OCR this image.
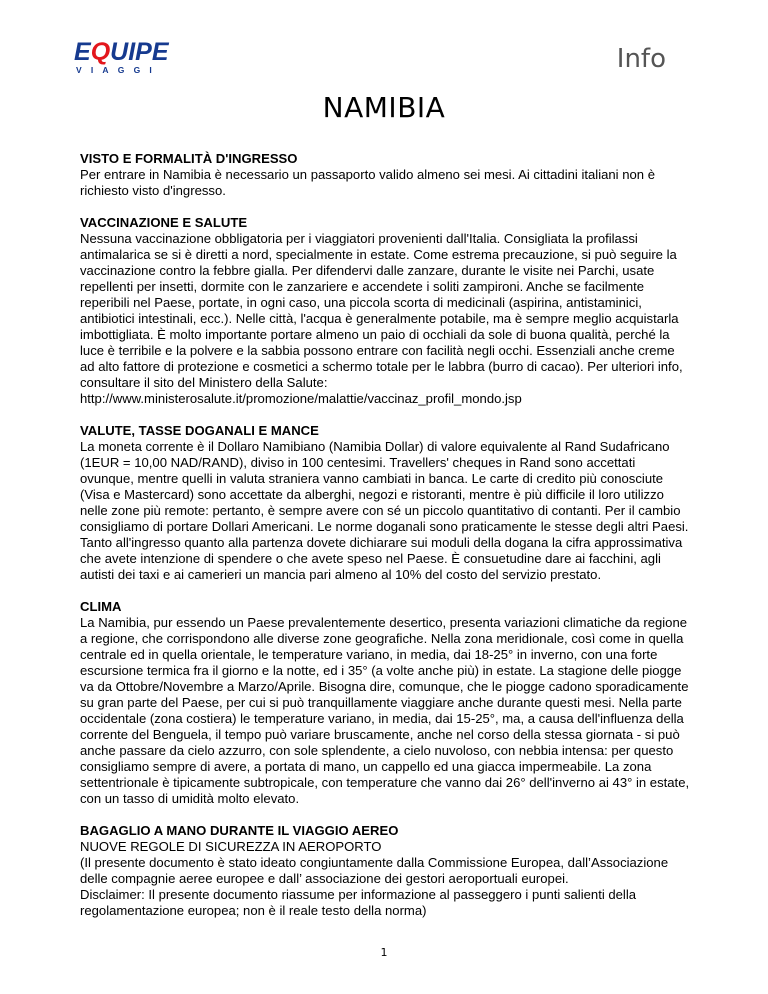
EQUIPE
VIAGGI	Info
NAMIBIA
VISTO E FORMALITÀ D'INGRESSO
Per entrare in Namibia è necessario un passaporto valido almeno sei mesi. Ai cittadini italiani non è richiesto visto d'ingresso.
VACCINAZIONE E SALUTE
Nessuna vaccinazione obbligatoria per i viaggiatori provenienti dall'Italia. Consigliata la profilassi antimalarica se si è diretti a nord, specialmente in estate. Come estrema precauzione, si può seguire la vaccinazione contro la febbre gialla. Per difendervi dalle zanzare, durante le visite nei Parchi, usate repellenti per insetti, dormite con le zanzariere e accendete i soliti zampironi. Anche se facilmente reperibili nel Paese, portate, in ogni caso, una piccola scorta di medicinali (aspirina, antistaminici, antibiotici intestinali, ecc.). Nelle città, l'acqua è generalmente potabile, ma è sempre meglio acquistarla imbottigliata. È molto importante portare almeno un paio di occhiali da sole di buona qualità, perché la luce è terribile e la polvere e la sabbia possono entrare con facilità negli occhi. Essenziali anche creme ad alto fattore di protezione e cosmetici a schermo totale per le labbra (burro di cacao). Per ulteriori info, consultare il sito del Ministero della Salute: http://www.ministerosalute.it/promozione/malattie/vaccinaz_profil_mondo.jsp
VALUTE, TASSE DOGANALI E MANCE
La moneta corrente è il Dollaro Namibiano (Namibia Dollar) di valore equivalente al Rand Sudafricano (1EUR = 10,00 NAD/RAND), diviso in 100 centesimi. Travellers' cheques in Rand sono accettati ovunque, mentre quelli in valuta straniera vanno cambiati in banca. Le carte di credito più conosciute (Visa e Mastercard) sono accettate da alberghi, negozi e ristoranti, mentre è più difficile il loro utilizzo nelle zone più remote: pertanto, è sempre avere con sé un piccolo quantitativo di contanti. Per il cambio consigliamo di portare Dollari Americani. Le norme doganali sono praticamente le stesse degli altri Paesi. Tanto all'ingresso quanto alla partenza dovete dichiarare sui moduli della dogana la cifra approssimativa che avete intenzione di spendere o che avete speso nel Paese. È consuetudine dare ai facchini, agli autisti dei taxi e ai camerieri un mancia pari almeno al 10% del costo del servizio prestato.
CLIMA
La Namibia, pur essendo un Paese prevalentemente desertico, presenta variazioni climatiche da regione a regione, che corrispondono alle diverse zone geografiche. Nella zona meridionale, così come in quella centrale ed in quella orientale, le temperature variano, in media, dai 18-25° in inverno, con una forte escursione termica fra il giorno e la notte, ed i 35° (a volte anche più) in estate. La stagione delle piogge va da Ottobre/Novembre a Marzo/Aprile. Bisogna dire, comunque, che le piogge cadono sporadicamente su gran parte del Paese, per cui si può tranquillamente viaggiare anche durante questi mesi. Nella parte occidentale (zona costiera) le temperature variano, in media, dai 15-25°, ma, a causa dell'influenza della corrente del Benguela, il tempo può variare bruscamente, anche nel corso della stessa giornata - si può anche passare da cielo azzurro, con sole splendente, a cielo nuvoloso, con nebbia intensa: per questo consigliamo sempre di avere, a portata di mano, un cappello ed una giacca impermeabile. La zona settentrionale è tipicamente subtropicale, con temperature che vanno dai 26° dell'inverno ai 43° in estate, con un tasso di umidità molto elevato.
BAGAGLIO A MANO DURANTE IL VIAGGIO AEREO
NUOVE REGOLE DI SICUREZZA IN AEROPORTO
(Il presente documento è stato ideato congiuntamente dalla Commissione Europea, dall’Associazione delle compagnie aeree europee e dall’ associazione dei gestori aeroportuali europei.
Disclaimer: Il presente documento riassume per informazione al passeggero i punti salienti della regolamentazione europea; non è il reale testo della norma)
1
